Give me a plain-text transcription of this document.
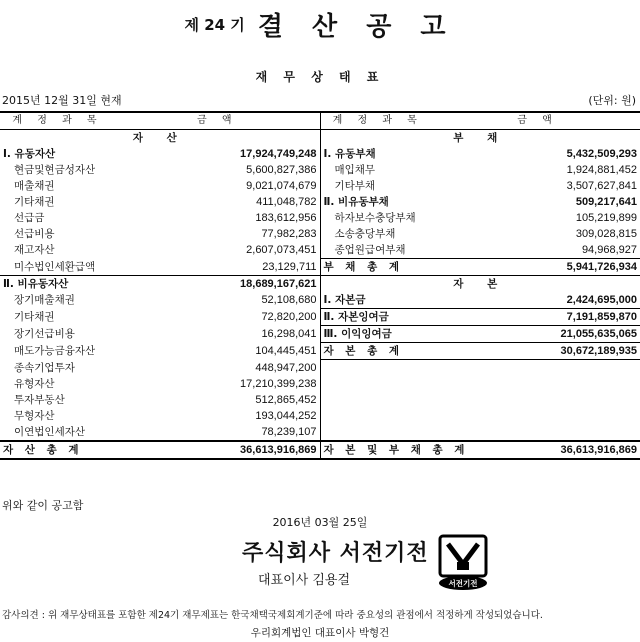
제 24 기 결 산 공 고
재 무 상 태 표
2015년 12월 31일 현재	(단위: 원)
계 정 과 목	금 액	계 정 과 목	금 액
자 산		부 채	
Ⅰ. 유동자산	17,924,749,248	Ⅰ. 유동부채	5,432,509,293
현금및현금성자산	5,600,827,386	매입채무	1,924,881,452
매출채권	9,021,074,679	기타부채	3,507,627,841
기타채권	411,048,782	Ⅱ. 비유동부채	509,217,641
선급금	183,612,956	하자보수충당부채	105,219,899
선급비용	77,982,283	소송충당부채	309,028,815
재고자산	2,607,073,451	종업원급여부채	94,968,927
미수법인세환급액	23,129,711	부 채 총 계	5,941,726,934
Ⅱ. 비유동자산	18,689,167,621	자 본	
장기매출채권	52,108,680	Ⅰ. 자본금	2,424,695,000
기타채권	72,820,200	Ⅱ. 자본잉여금	7,191,859,870
장기선급비용	16,298,041	Ⅲ. 이익잉여금	21,055,635,065
매도가능금융자산	104,445,451	자 본 총 계	30,672,189,935
종속기업투자	448,947,200		
유형자산	17,210,399,238		
투자부동산	512,865,452		
무형자산	193,044,252		
이연법인세자산	78,239,107		
자 산 총 계	36,613,916,869	자 본 및 부 채 총 계	36,613,916,869
위와 같이 공고함
2016년 03월 25일
주식회사 서전기전
대표이사 김용걸	서전기전
감사의견 : 위 재무상태표를 포함한 제24기 재무제표는 한국채택국제회계기준에 따라 중요성의 관점에서 적정하게 작성되었습니다.
우리회계법인 대표이사 박형건
